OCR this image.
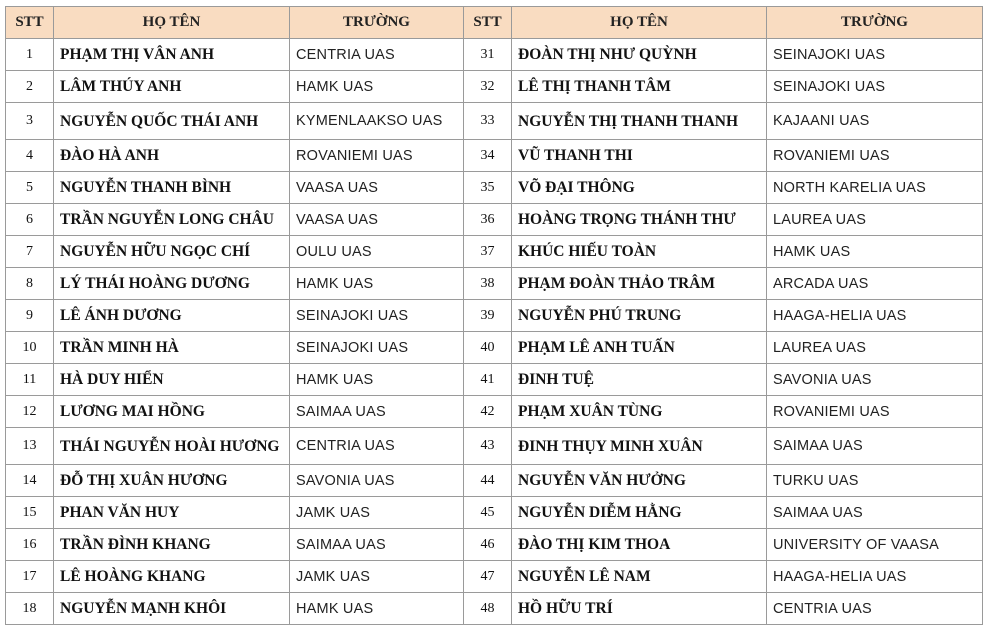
STT	HỌ TÊN	TRƯỜNG	STT	HỌ TÊN	TRƯỜNG
1	PHẠM THỊ VÂN ANH	CENTRIA UAS	31	ĐOÀN THỊ NHƯ QUỲNH	SEINAJOKI UAS
2	LÂM THÚY ANH	HAMK UAS	32	LÊ THỊ THANH TÂM	SEINAJOKI UAS
3	NGUYỄN QUỐC THÁI ANH	KYMENLAAKSO UAS	33	NGUYỄN THỊ THANH THANH	KAJAANI UAS
4	ĐÀO HÀ ANH	ROVANIEMI UAS	34	VŨ THANH THI	ROVANIEMI UAS
5	NGUYỄN THANH BÌNH	VAASA UAS	35	VÕ ĐẠI THÔNG	NORTH KARELIA UAS
6	TRẦN NGUYỄN LONG CHÂU	VAASA UAS	36	HOÀNG TRỌNG THÁNH THƯ	LAUREA UAS
7	NGUYỄN HỮU NGỌC CHÍ	OULU UAS	37	KHÚC HIẾU TOÀN	HAMK UAS
8	LÝ THÁI HOÀNG DƯƠNG	HAMK UAS	38	PHẠM ĐOÀN THẢO TRÂM	ARCADA UAS
9	LÊ ÁNH DƯƠNG	SEINAJOKI UAS	39	NGUYỄN PHÚ TRUNG	HAAGA-HELIA UAS
10	TRẦN MINH HÀ	SEINAJOKI UAS	40	PHẠM LÊ ANH TUẤN	LAUREA UAS
11	HÀ DUY HIỂN	HAMK UAS	41	ĐINH TUỆ	SAVONIA UAS
12	LƯƠNG MAI HỒNG	SAIMAA UAS	42	PHẠM XUÂN TÙNG	ROVANIEMI UAS
13	THÁI NGUYỄN HOÀI HƯƠNG	CENTRIA UAS	43	ĐINH THỤY MINH XUÂN	SAIMAA UAS
14	ĐỖ THỊ XUÂN HƯƠNG	SAVONIA UAS	44	NGUYỄN VĂN HƯỞNG	TURKU UAS
15	PHAN VĂN HUY	JAMK UAS	45	NGUYỄN DIỄM HẰNG	SAIMAA UAS
16	TRẦN ĐÌNH KHANG	SAIMAA UAS	46	ĐÀO THỊ KIM THOA	UNIVERSITY OF VAASA
17	LÊ HOÀNG KHANG	JAMK UAS	47	NGUYỄN LÊ NAM	HAAGA-HELIA UAS
18	NGUYỄN MẠNH KHÔI	HAMK UAS	48	HỒ HỮU TRÍ	CENTRIA UAS
